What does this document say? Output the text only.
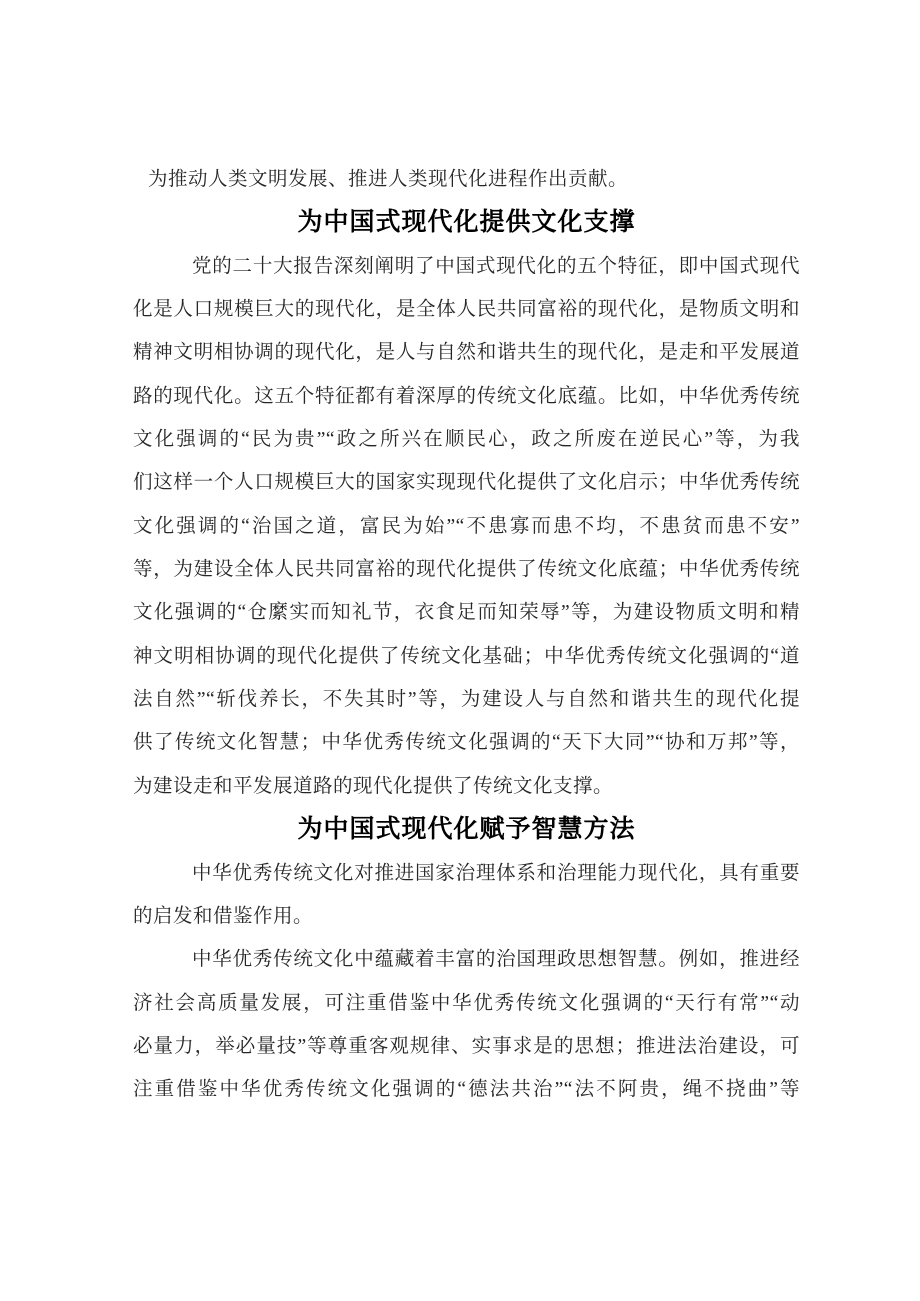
为推动人类文明发展、推进人类现代化进程作出贡献。
为中国式现代化提供文化支撑
党的二十大报告深刻阐明了中国式现代化的五个特征，即中国式现代
化是人口规模巨大的现代化，是全体人民共同富裕的现代化，是物质文明和
精神文明相协调的现代化，是人与自然和谐共生的现代化，是走和平发展道
路的现代化。这五个特征都有着深厚的传统文化底蕴。比如，中华优秀传统
文化强调的“民为贵”“政之所兴在顺民心，政之所废在逆民心”等，为我
们这样一个人口规模巨大的国家实现现代化提供了文化启示；中华优秀传统
文化强调的“治国之道，富民为始”“不患寡而患不均，不患贫而患不安”
等，为建设全体人民共同富裕的现代化提供了传统文化底蕴；中华优秀传统
文化强调的“仓縻实而知礼节，衣食足而知荣辱”等，为建设物质文明和精
神文明相协调的现代化提供了传统文化基础；中华优秀传统文化强调的“道
法自然”“斩伐养长，不失其时”等，为建设人与自然和谐共生的现代化提
供了传统文化智慧；中华优秀传统文化强调的“天下大同”“协和万邦”等，
为建设走和平发展道路的现代化提供了传统文化支撑。
为中国式现代化赋予智慧方法
中华优秀传统文化对推进国家治理体系和治理能力现代化，具有重要
的启发和借鉴作用。
中华优秀传统文化中蕴藏着丰富的治国理政思想智慧。例如，推进经
济社会高质量发展，可注重借鉴中华优秀传统文化强调的“天行有常”“动
必量力，举必量技”等尊重客观规律、实事求是的思想；推进法治建设，可
注重借鉴中华优秀传统文化强调的“德法共治”“法不阿贵，绳不挠曲”等
